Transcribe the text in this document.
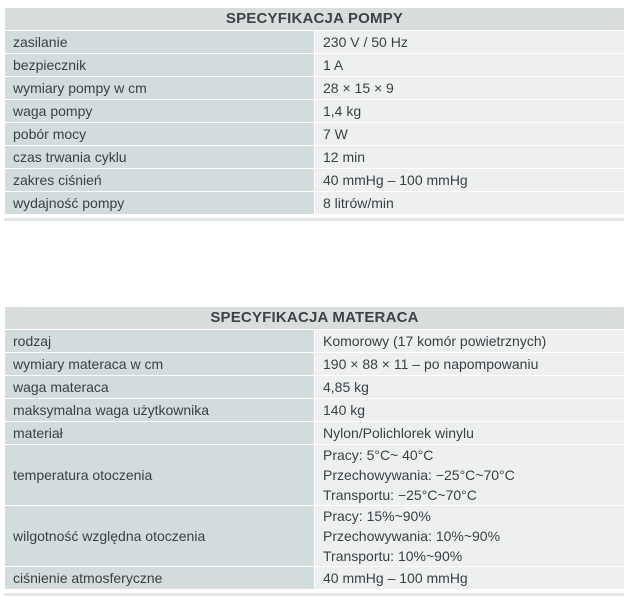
SPECYFIKACJA POMPY	
zasilanie	230 V / 50 Hz
bezpiecznik	1 A
wymiary pompy w cm	28 × 15 × 9
waga pompy	1,4 kg
pobór mocy	7 W
czas trwania cyklu	12 min
zakres ciśnień	40 mmHg – 100 mmHg
wydajność pompy	8 litrów/min
SPECYFIKACJA MATERACA	
rodzaj	Komorowy (17 komór powietrznych)
wymiary materaca w cm	190 × 88 × 11 – po napompowaniu
waga materaca	4,85 kg
maksymalna waga użytkownika	140 kg
materiał	Nylon/Polichlorek winylu
temperatura otoczenia	Pracy: 5°C~ 40°C
Przechowywania: −25°C~70°C
Transportu: −25°C~70°C

wilgotność względna otoczenia	Pracy: 15%~90%
Przechowywania: 10%~90%
Transportu: 10%~90%

ciśnienie atmosferyczne	40 mmHg – 100 mmHg
